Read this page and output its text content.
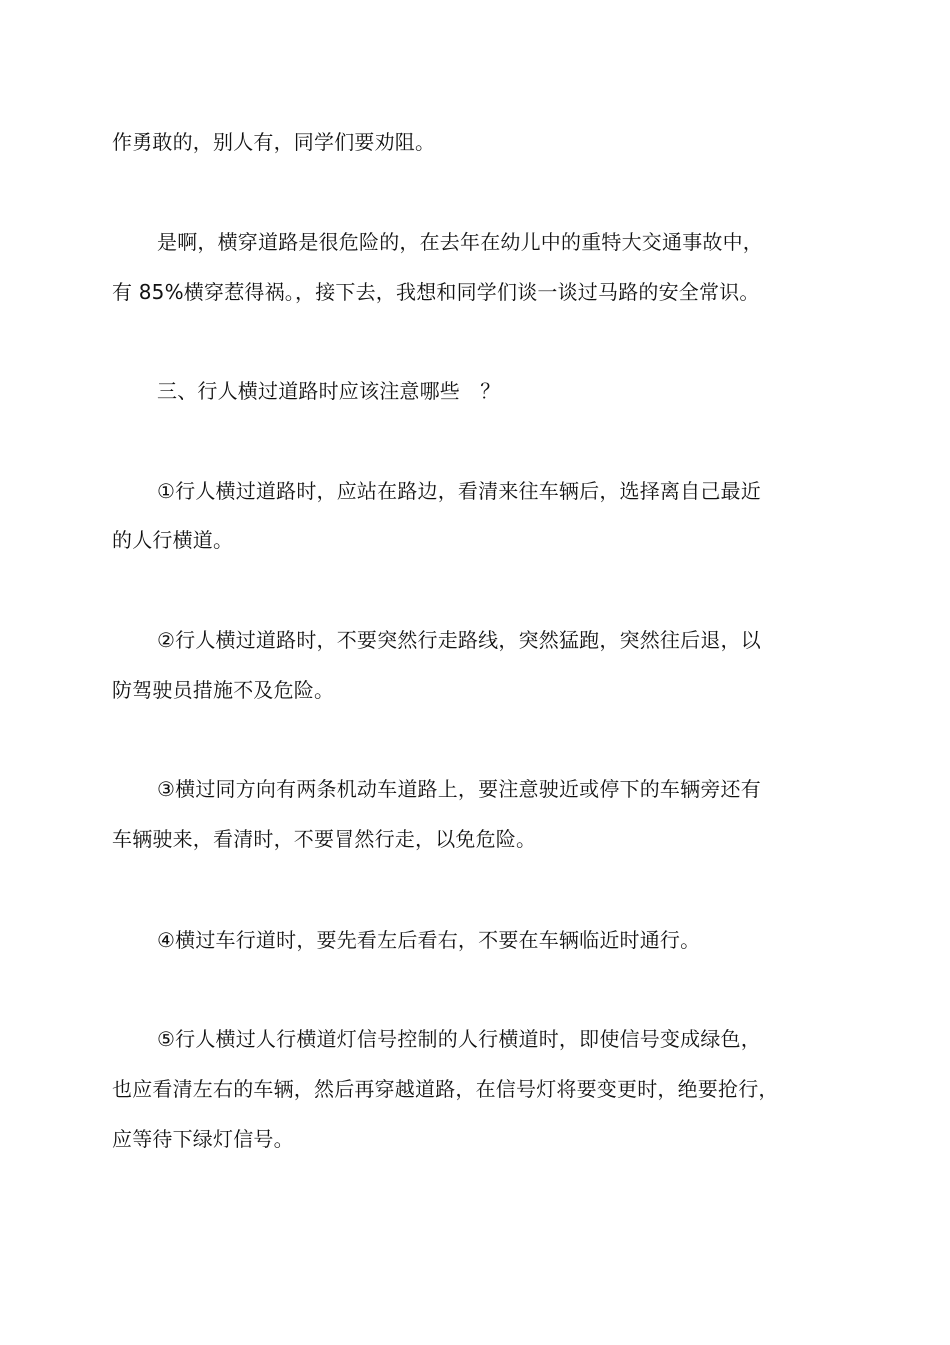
作勇敢的，别人有，同学们要劝阻。
是啊，横穿道路是很危险的，在去年在幼儿中的重特大交通事故中，
有 85%横穿惹得祸。，接下去，我想和同学们谈一谈过马路的安全常识。
三、行人横过道路时应该注意哪些　？
①行人横过道路时，应站在路边，看清来往车辆后，选择离自己最近
的人行横道。
②行人横过道路时，不要突然行走路线，突然猛跑，突然往后退，以
防驾驶员措施不及危险。
③横过同方向有两条机动车道路上，要注意驶近或停下的车辆旁还有
车辆驶来，看清时，不要冒然行走，以免危险。
④横过车行道时，要先看左后看右，不要在车辆临近时通行。
⑤行人横过人行横道灯信号控制的人行横道时，即使信号变成绿色，
也应看清左右的车辆，然后再穿越道路，在信号灯将要变更时，绝要抢行，
应等待下绿灯信号。
